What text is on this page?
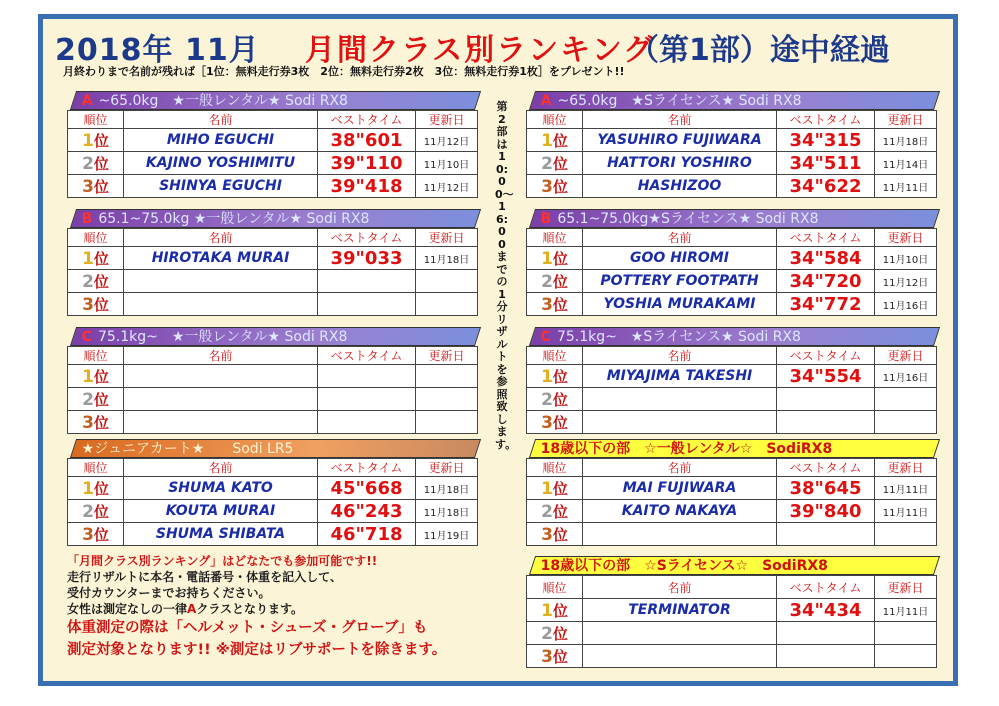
2018年 11月 月間クラス別ランキング
（第1部）途中経過
月終わりまで名前が残れば［1位：無料走行券3枚　2位：無料走行券2枚　3位：無料走行券1枚］をプレゼント!!
第2部は10:00〜16:00までの1分リザルトを参照致します。
A ~65.0kg　★一般レンタル★ Sodi RX8
順位	名前	ベストタイム	更新日
1位	MIHO EGUCHI	38"601	11月12日
2位	KAJINO YOSHIMITU	39"110	11月10日
3位	SHINYA EGUCHI	39"418	11月12日
A ~65.0kg　★Sライセンス★ Sodi RX8
順位	名前	ベストタイム	更新日
1位	YASUHIRO FUJIWARA	34"315	11月18日
2位	HATTORI YOSHIRO	34"511	11月14日
3位	HASHIZOO	34"622	11月11日
B 65.1~75.0kg ★一般レンタル★ Sodi RX8
順位	名前	ベストタイム	更新日
1位	HIROTAKA MURAI	39"033	11月18日
2位			
3位			
B 65.1~75.0kg★Sライセンス★ Sodi RX8
順位	名前	ベストタイム	更新日
1位	GOO HIROMI	34"584	11月10日
2位	POTTERY FOOTPATH	34"720	11月12日
3位	YOSHIA MURAKAMI	34"772	11月16日
C 75.1kg~　★一般レンタル★ Sodi RX8
順位	名前	ベストタイム	更新日
1位			
2位			
3位			
C 75.1kg~　★Sライセンス★ Sodi RX8
順位	名前	ベストタイム	更新日
1位	MIYAJIMA TAKESHI	34"554	11月16日
2位			
3位			
★ジュニアカート★　　Sodi LR5
順位	名前	ベストタイム	更新日
1位	SHUMA KATO	45"668	11月18日
2位	KOUTA MURAI	46"243	11月18日
3位	SHUMA SHIBATA	46"718	11月19日
18歳以下の部　☆一般レンタル☆　SodiRX8
順位	名前	ベストタイム	更新日
1位	MAI FUJIWARA	38"645	11月11日
2位	KAITO NAKAYA	39"840	11月11日
3位			
18歳以下の部　☆Sライセンス☆　SodiRX8
順位	名前	ベストタイム	更新日
1位	TERMINATOR	34"434	11月11日
2位			
3位			
「月間クラス別ランキング」はどなたでも参加可能です!!
走行リザルトに本名・電話番号・体重を記入して、
受付カウンターまでお持ちください。
女性は測定なしの一律Aクラスとなります。
体重測定の際は「ヘルメット・シューズ・グローブ」も
測定対象となります!! ※測定はリブサポートを除きます。
